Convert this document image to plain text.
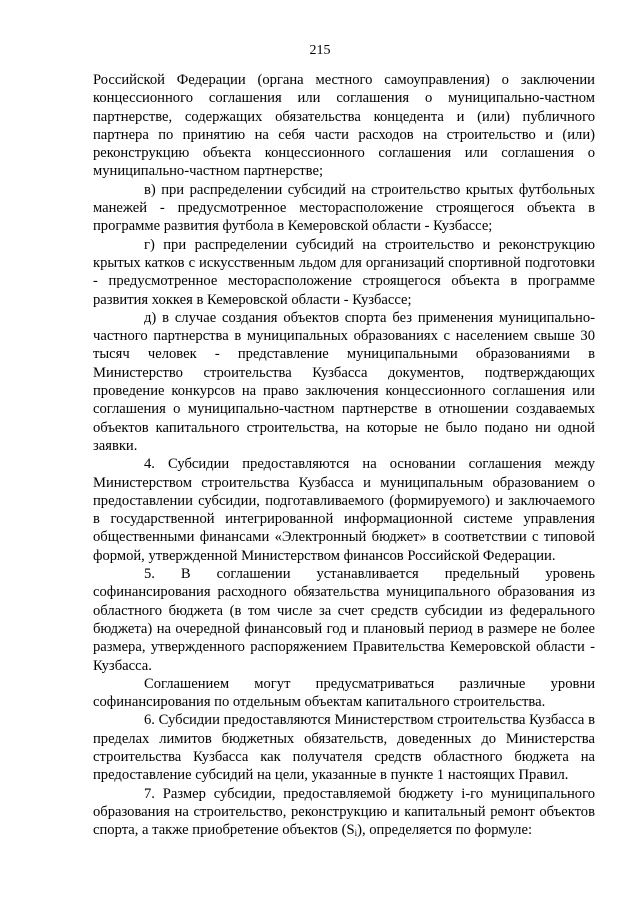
215

Российской Федерации (органа местного самоуправления) о заключении концессионного соглашения или соглашения о муниципально-частном партнерстве, содержащих обязательства концедента и (или) публичного партнера по принятию на себя части расходов на строительство и (или) реконструкцию объекта концессионного соглашения или соглашения о муниципально-частном партнерстве;

в) при распределении субсидий на строительство крытых футбольных манежей - предусмотренное месторасположение строящегося объекта в программе развития футбола в Кемеровской области - Кузбассе;

г) при распределении субсидий на строительство и реконструкцию крытых катков с искусственным льдом для организаций спортивной подготовки - предусмотренное месторасположение строящегося объекта в программе развития хоккея в Кемеровской области - Кузбассе;

д) в случае создания объектов спорта без применения муниципально-частного партнерства в муниципальных образованиях с населением свыше 30 тысяч человек - представление муниципальными образованиями в Министерство строительства Кузбасса документов, подтверждающих проведение конкурсов на право заключения концессионного соглашения или соглашения о муниципально-частном партнерстве в отношении создаваемых объектов капитального строительства, на которые не было подано ни одной заявки.

4. Субсидии предоставляются на основании соглашения между Министерством строительства Кузбасса и муниципальным образованием о предоставлении субсидии, подготавливаемого (формируемого) и заключаемого в государственной интегрированной информационной системе управления общественными финансами «Электронный бюджет» в соответствии с типовой формой, утвержденной Министерством финансов Российской Федерации.

5. В соглашении устанавливается предельный уровень софинансирования расходного обязательства муниципального образования из областного бюджета (в том числе за счет средств субсидии из федерального бюджета) на очередной финансовый год и плановый период в размере не более размера, утвержденного распоряжением Правительства Кемеровской области - Кузбасса.

Соглашением могут предусматриваться различные уровни софинансирования по отдельным объектам капитального строительства.

6. Субсидии предоставляются Министерством строительства Кузбасса в пределах лимитов бюджетных обязательств, доведенных до Министерства строительства Кузбасса как получателя средств областного бюджета на предоставление субсидий на цели, указанные в пункте 1 настоящих Правил.

7. Размер субсидии, предоставляемой бюджету i-го муниципального образования на строительство, реконструкцию и капитальный ремонт объектов спорта, а также приобретение объектов $(S_i)$, определяется по формуле:
